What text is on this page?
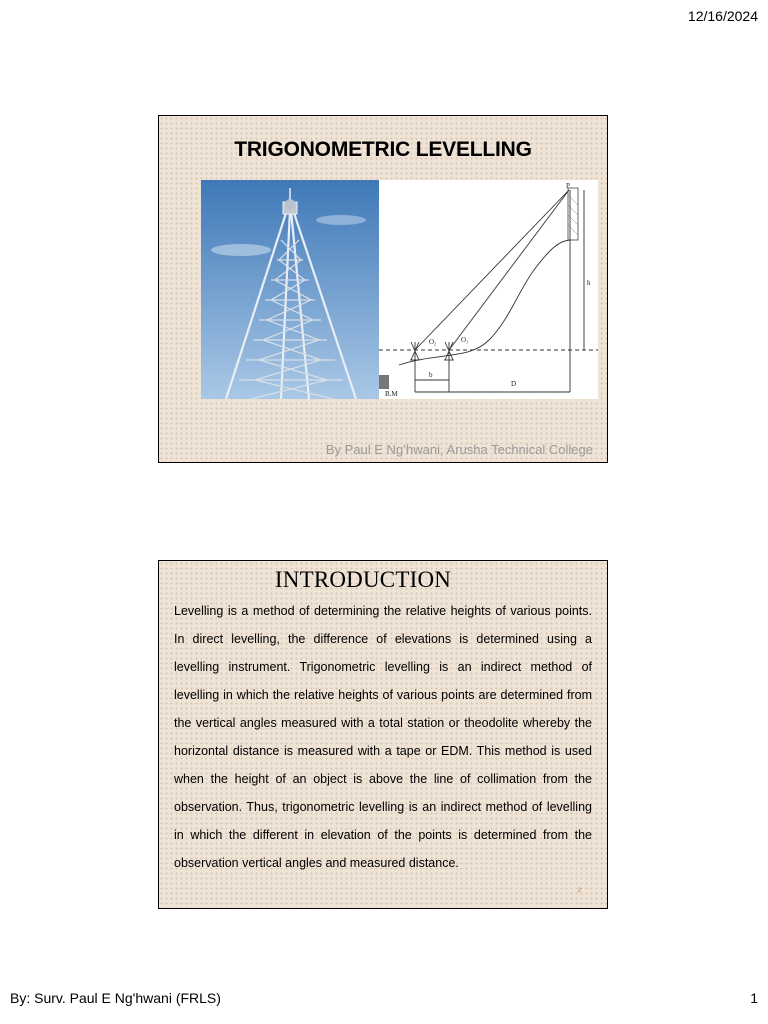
12/16/2024
TRIGONOMETRIC LEVELLING
P
h
D
b
B.M
O₂	O₁
By Paul E Ng’hwani, Arusha Technical College
INTRODUCTION
Levelling is a method of determining the relative heights of various points. In direct levelling, the difference of elevations is determined using a levelling instrument. Trigonometric levelling is an indirect method of levelling in which the relative heights of various points are determined from the vertical angles measured with a total station or theodolite whereby the horizontal distance is measured with a tape or EDM. This method is used when the height of an object is above the line of collimation from the observation. Thus, trigonometric levelling is an indirect method of levelling in which the different in elevation of the points is determined from the observation vertical angles and measured distance.
2
By: Surv. Paul E Ng'hwani (FRLS)	1
